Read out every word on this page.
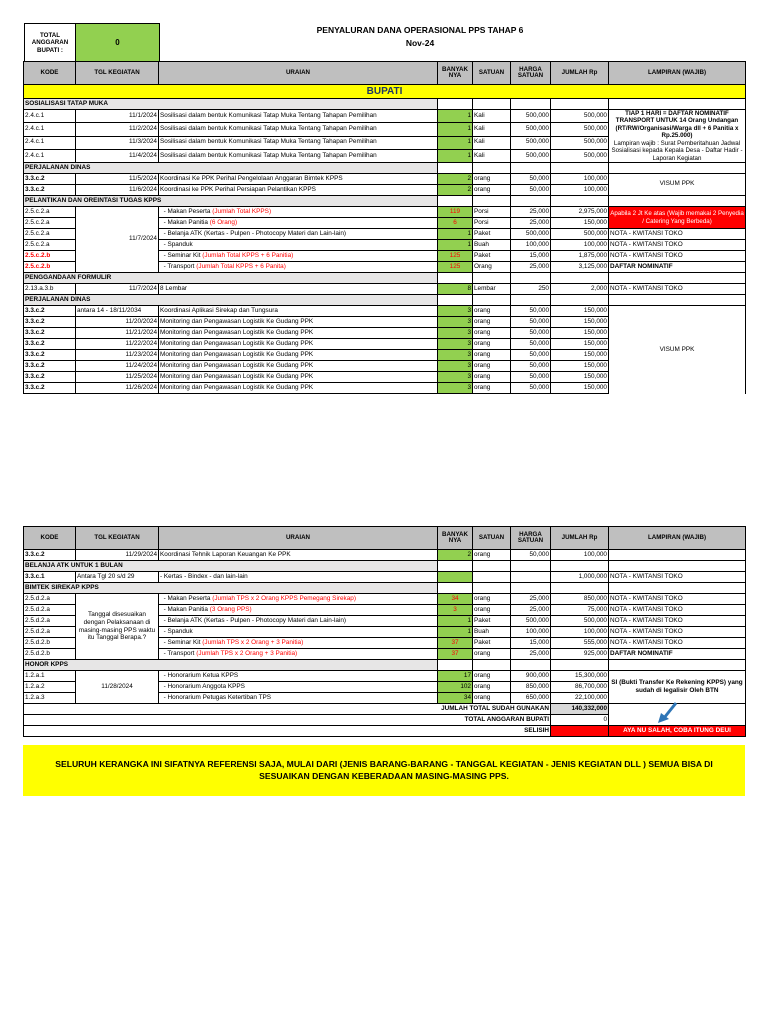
TOTAL ANGGARAN BUPATI :	0
PENYALURAN DANA OPERASIONAL PPS TAHAP 6
Nov-24
KODE	TGL KEGIATAN	URAIAN	BANYAK NYA	SATUAN	HARGA SATUAN	JUMLAH Rp	LAMPIRAN (WAJIB)
BUPATI							
SOSIALISASI TATAP MUKA							
2.4.c.1	11/1/2024	Sosilisasi dalam bentuk Komunikasi Tatap Muka Tentang Tahapan Pemilihan	1	Kali	500,000	500,000	TIAP 1 HARI = DAFTAR NOMINATIF TRANSPORT UNTUK 14 Orang Undangan (RT/RW/Organisasi/Warga dll + 6 Panitia x Rp.25.000)
Lampiran wajib : Surat Pemberitahuan Jadwal Sosialisasi kepada Kepala Desa - Daftar Hadir - Laporan Kegiatan

2.4.c.1	11/2/2024	Sosilisasi dalam bentuk Komunikasi Tatap Muka Tentang Tahapan Pemilihan	1	Kali	500,000	500,000	
2.4.c.1	11/3/2024	Sosilisasi dalam bentuk Komunikasi Tatap Muka Tentang Tahapan Pemilihan	1	Kali	500,000	500,000	
2.4.c.1	11/4/2024	Sosilisasi dalam bentuk Komunikasi Tatap Muka Tentang Tahapan Pemilihan	1	Kali	500,000	500,000	
PERJALANAN DINAS							
3.3.c.2	11/5/2024	Koordinasi Ke PPK Perihal Pengelolaan Anggaran Bimtek KPPS	2	orang	50,000	100,000	VISUM PPK
3.3.c.2	11/6/2024	Koordinasi ke PPK Perihal Persiapan Pelantikan KPPS	2	orang	50,000	100,000	
PELANTIKAN DAN OREINTASI TUGAS KPPS							
2.5.c.2.a	11/7/2024	- Makan Peserta (Jumlah Total KPPS)	119	Porsi	25,000	2,975,000	Apabila 2 Jt Ke atas (Wajib memakai 2 Penyedia / Catering Yang Berbeda)
2.5.c.2.a		- Makan Panitia (6 Orang)	6	Porsi	25,000	150,000	
2.5.c.2.a		- Belanja ATK (Kertas - Pulpen - Photocopy Materi dan Lain-lain)	1	Paket	500,000	500,000	NOTA - KWITANSI TOKO
2.5.c.2.a		- Spanduk	1	Buah	100,000	100,000	NOTA - KWITANSI TOKO
2.5.c.2.b		- Seminar Kit (Jumlah Total KPPS + 6 Panitia)	125	Paket	15,000	1,875,000	NOTA - KWITANSI TOKO
2.5.c.2.b		- Transport (Jumlah Total KPPS + 6 Panita)	125	Orang	25,000	3,125,000	DAFTAR NOMINATIF
PENGGANDAAN FORMULIR							
2.13.a.3.b	11/7/2024	8 Lembar	8	Lembar	250	2,000	NOTA - KWITANSI TOKO
PERJALANAN DINAS							
3.3.c.2	antara 14 - 18/11/2034	Koordinasi Aplikasi Sirekap dan Tungsura	3	orang	50,000	150,000	VISUM PPK
3.3.c.2	11/20/2024	Monitoring dan Pengawasan Logistik Ke Gudang PPK	3	orang	50,000	150,000	
3.3.c.2	11/21/2024	Monitoring dan Pengawasan Logistik Ke Gudang PPK	3	orang	50,000	150,000	
3.3.c.2	11/22/2024	Monitoring dan Pengawasan Logistik Ke Gudang PPK	3	orang	50,000	150,000	
3.3.c.2	11/23/2024	Monitoring dan Pengawasan Logistik Ke Gudang PPK	3	orang	50,000	150,000	
3.3.c.2	11/24/2024	Monitoring dan Pengawasan Logistik Ke Gudang PPK	3	orang	50,000	150,000	
3.3.c.2	11/25/2024	Monitoring dan Pengawasan Logistik Ke Gudang PPK	3	orang	50,000	150,000	
3.3.c.2	11/26/2024	Monitoring dan Pengawasan Logistik Ke Gudang PPK	3	orang	50,000	150,000	
KODE	TGL KEGIATAN	URAIAN	BANYAK NYA	SATUAN	HARGA SATUAN	JUMLAH Rp	LAMPIRAN (WAJIB)
3.3.c.2	11/29/2024	Koordinasi Tehnik Laporan Keuangan Ke PPK	2	orang	50,000	100,000	
BELANJA ATK UNTUK 1 BULAN							
3.3.c.1	Antara Tgl 20 s/d 29	- Kertas - Bindex - dan lain-lain				1,000,000	NOTA - KWITANSI TOKO
BIMTEK SIREKAP KPPS							
2.5.d.2.a	Tanggal disesuaikan dengan Pelaksanaan di masing-masing PPS waktu itu Tanggal Berapa.?	- Makan Peserta (Jumlah TPS x 2 Orang KPPS Pemegang Sirekap)	34	orang	25,000	850,000	NOTA - KWITANSI TOKO
2.5.d.2.a		- Makan Panitia (3 Orang PPS)	3	orang	25,000	75,000	NOTA - KWITANSI TOKO
2.5.d.2.a		- Belanja ATK (Kertas - Pulpen - Photocopy Materi dan Lain-lain)	1	Paket	500,000	500,000	NOTA - KWITANSI TOKO
2.5.d.2.a		- Spanduk	1	Buah	100,000	100,000	NOTA - KWITANSI TOKO
2.5.d.2.b		- Seminar Kit (Jumlah TPS x 2 Orang + 3 Panitia)	37	Paket	15,000	555,000	NOTA - KWITANSI TOKO
2.5.d.2.b		- Transport (Jumlah TPS x 2 Orang + 3 Panitia)	37	orang	25,000	925,000	DAFTAR NOMINATIF
HONOR KPPS							
1.2.a.1	11/28/2024	- Honorarium Ketua KPPS	17	orang	900,000	15,300,000	SI (Bukti Transfer Ke Rekening KPPS) yang sudah di legalisir Oleh BTN
1.2.a.2		- Honorarium Anggota KPPS	102	orang	850,000	86,700,000	
1.2.a.3		- Honorarium Petugas Ketertiban TPS	34	orang	650,000	22,100,000	
JUMLAH TOTAL SUDAH GUNAKAN						140,332,000	
TOTAL ANGGARAN BUPATI						0	
SELISIH							AYA NU SALAH, COBA ITUNG DEUI
SELURUH KERANGKA INI SIFATNYA REFERENSI SAJA, MULAI DARI (JENIS BARANG-BARANG - TANGGAL KEGIATAN - JENIS KEGIATAN DLL ) SEMUA BISA DI SESUAIKAN DENGAN KEBERADAAN MASING-MASING PPS.
